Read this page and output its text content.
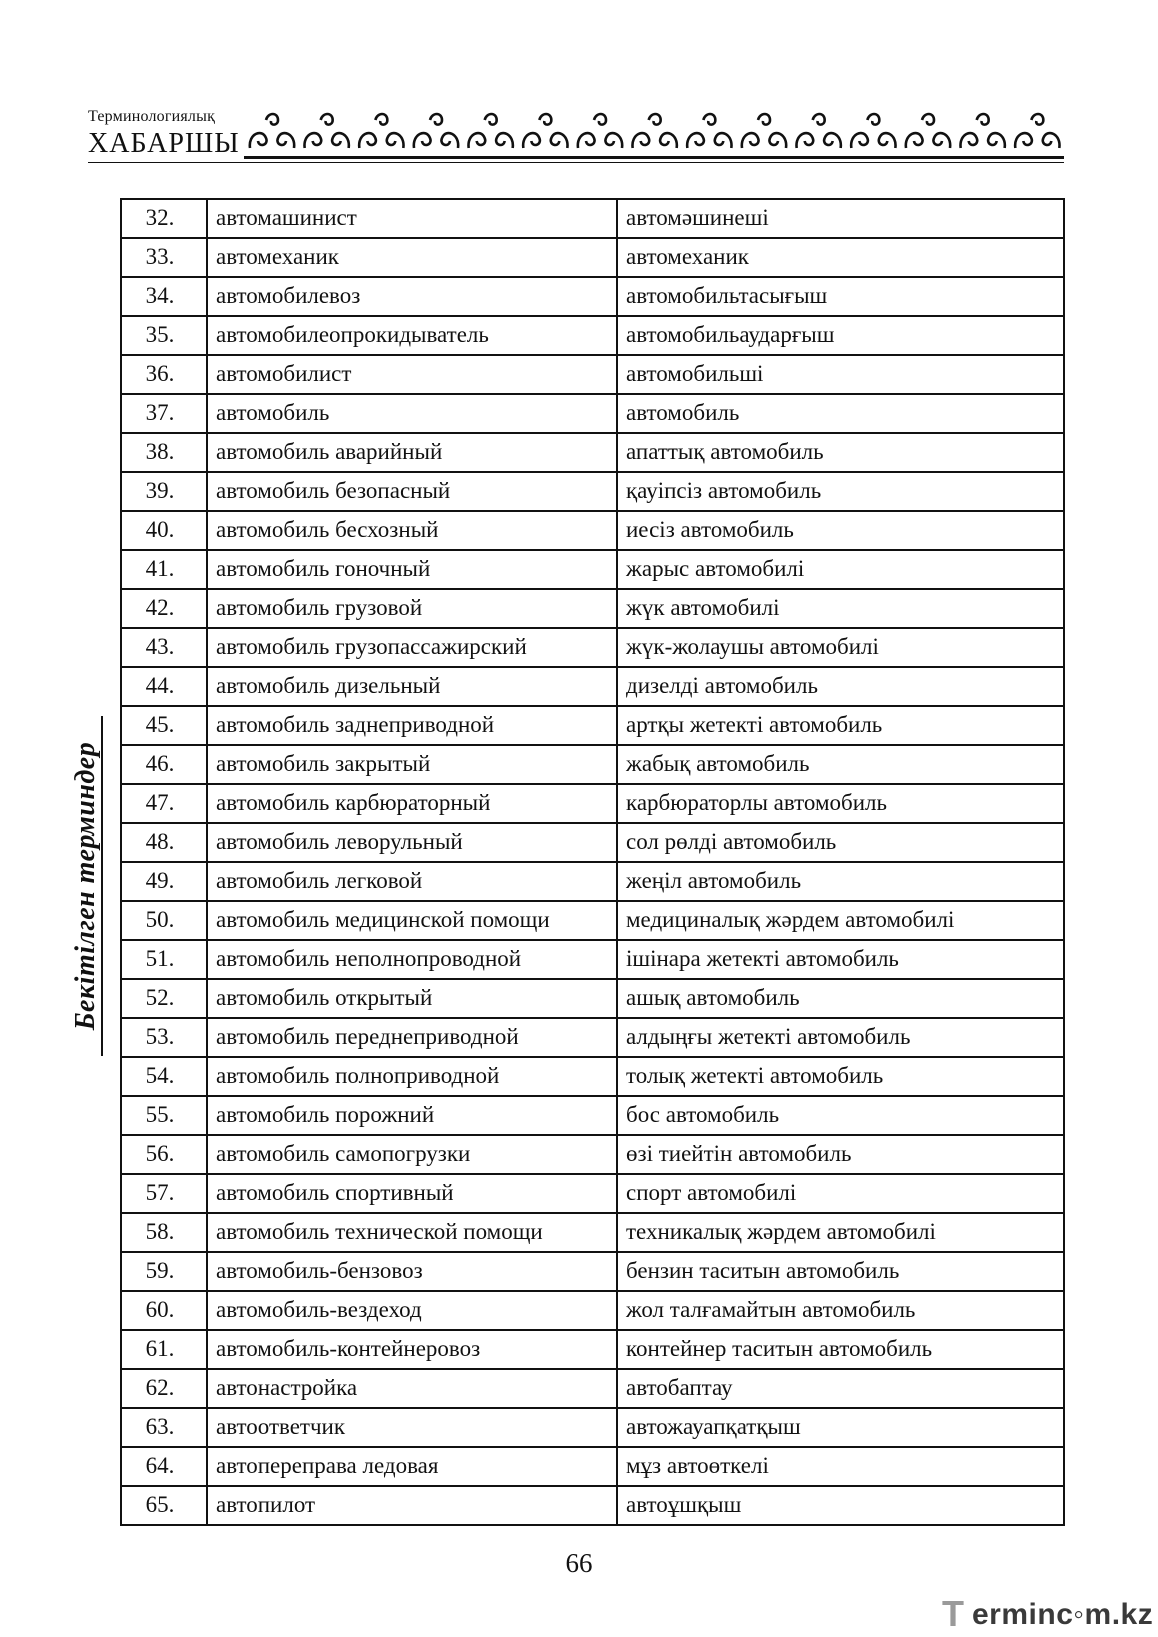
Терминологиялық
ХАБАРШЫ
Бекітілген терминдер
32.	автомашинист	автомәшинеші
33.	автомеханик	автомеханик
34.	автомобилевоз	автомобильтасығыш
35.	автомобилеопрокидыватель	автомобильаударғыш
36.	автомобилист	автомобильші
37.	автомобиль	автомобиль
38.	автомобиль аварийный	апаттық автомобиль
39.	автомобиль безопасный	қауіпсіз автомобиль
40.	автомобиль бесхозный	иесіз автомобиль
41.	автомобиль гоночный	жарыс автомобилі
42.	автомобиль грузовой	жүк автомобилі
43.	автомобиль грузопассажирский	жүк-жолаушы автомобилі
44.	автомобиль дизельный	дизелді автомобиль
45.	автомобиль заднеприводной	артқы жетекті автомобиль
46.	автомобиль закрытый	жабық автомобиль
47.	автомобиль карбюраторный	карбюраторлы автомобиль
48.	автомобиль леворульный	сол рөлді автомобиль
49.	автомобиль легковой	жеңіл автомобиль
50.	автомобиль медицинской помощи	медициналық жәрдем автомобилі
51.	автомобиль неполнопроводной	ішінара жетекті автомобиль
52.	автомобиль открытый	ашық автомобиль
53.	автомобиль переднеприводной	алдыңғы жетекті автомобиль
54.	автомобиль полноприводной	толық жетекті автомобиль
55.	автомобиль порожний	бос автомобиль
56.	автомобиль самопогрузки	өзі тиейтін автомобиль
57.	автомобиль спортивный	спорт автомобилі
58.	автомобиль технической помощи	техникалық жәрдем автомобилі
59.	автомобиль-бензовоз	бензин таситын автомобиль
60.	автомобиль-вездеход	жол талғамайтын автомобиль
61.	автомобиль-контейнеровоз	контейнер таситын автомобиль
62.	автонастройка	автобаптау
63.	автоответчик	автожауапқатқыш
64.	автопереправа ледовая	мұз автоөткелі
65.	автопилот	автоұшқыш
66
T erminc◦m.kz
